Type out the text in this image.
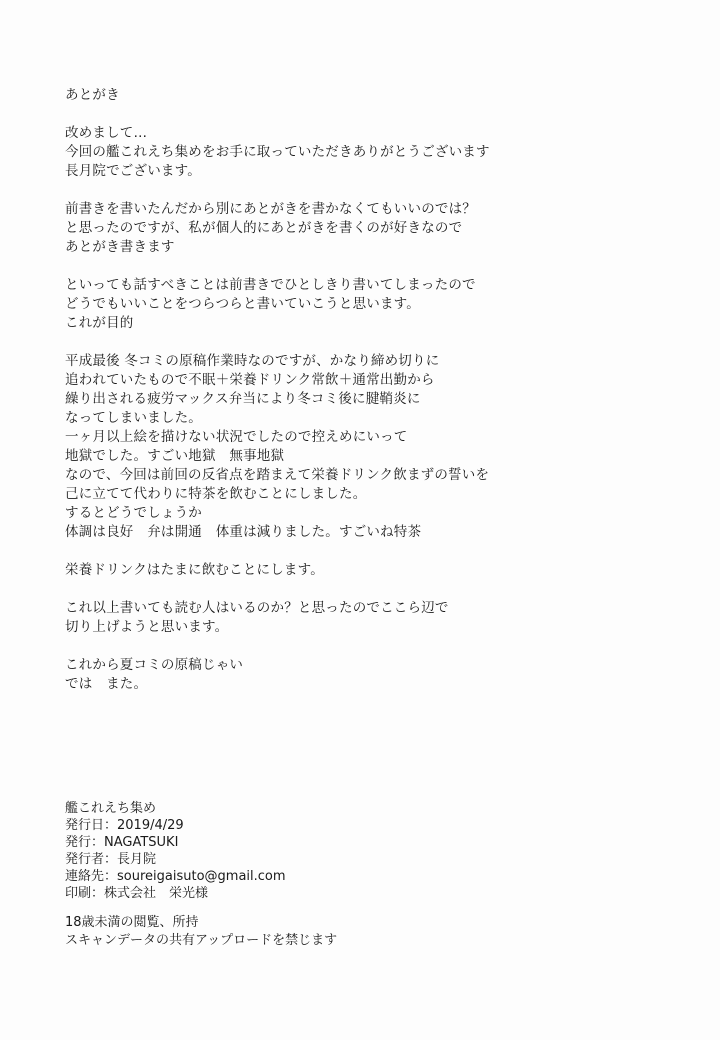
あとがき
改めまして…
今回の艦これえち集めをお手に取っていただきありがとうございます
長月院でございます。
前書きを書いたんだから別にあとがきを書かなくてもいいのでは？
と思ったのですが、私が個人的にあとがきを書くのが好きなので
あとがき書きます
といっても話すべきことは前書きでひとしきり書いてしまったので
どうでもいいことをつらつらと書いていこうと思います。
これが目的
平成最後 冬コミの原稿作業時なのですが、かなり締め切りに
追われていたもので不眠＋栄養ドリンク常飲＋通常出勤から
繰り出される疲労マックス弁当により冬コミ後に腱鞘炎に
なってしまいました。
一ヶ月以上絵を描けない状況でしたので控えめにいって
地獄でした。すごい地獄　無事地獄
なので、今回は前回の反省点を踏まえて栄養ドリンク飲まずの誓いを
己に立てて代わりに特茶を飲むことにしました。
するとどうでしょうか
体調は良好　弁は開通　体重は減りました。すごいね特茶
栄養ドリンクはたまに飲むことにします。
これ以上書いても読む人はいるのか？と思ったのでここら辺で
切り上げようと思います。
これから夏コミの原稿じゃい
では　また。
艦これえち集め
発行日：2019/4/29
発行：NAGATSUKI
発行者：長月院
連絡先：soureigaisuto@gmail.com
印刷：株式会社　栄光様
18歳未満の閲覧、所持
スキャンデータの共有アップロードを禁じます
